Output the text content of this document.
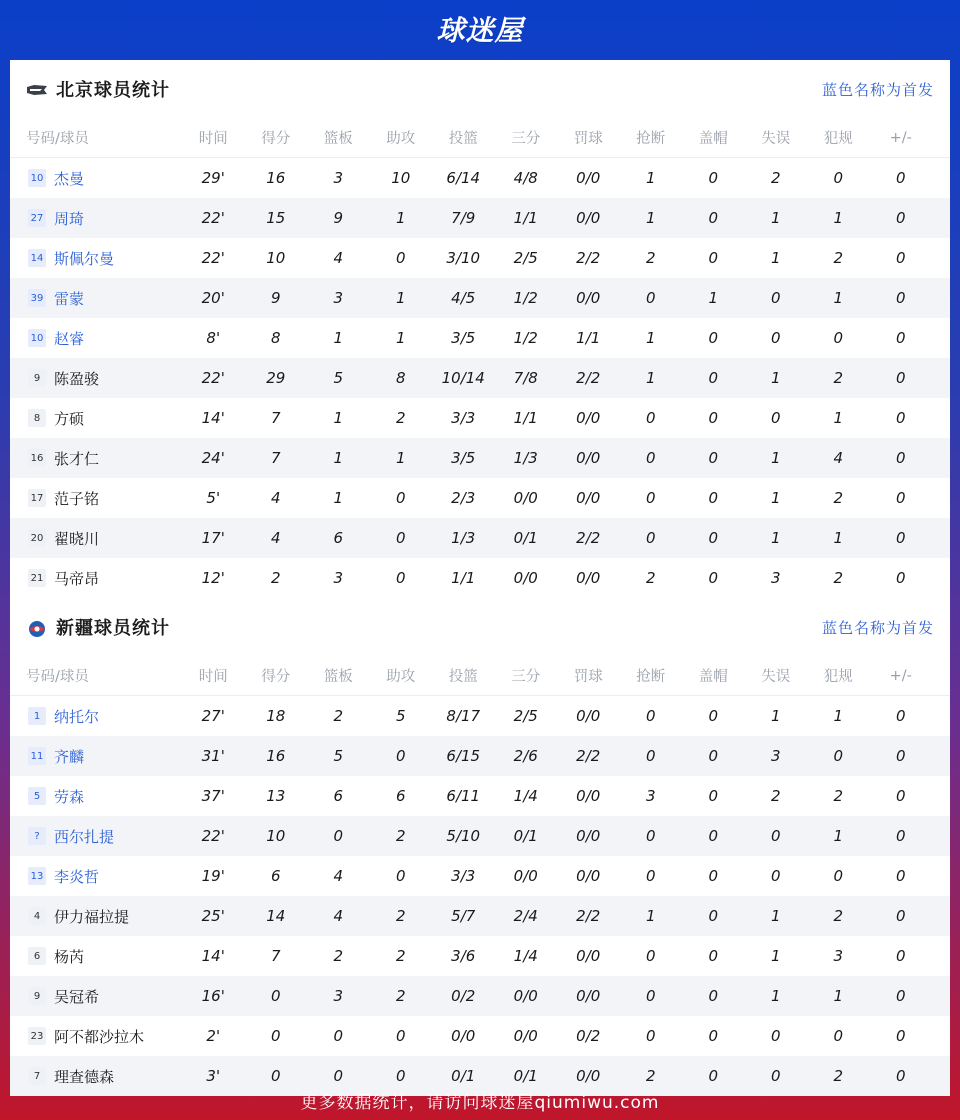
球迷屋
北京球员统计	蓝色名称为首发
号码/球员	时间	得分	篮板	助攻	投篮	三分	罚球	抢断	盖帽	失误	犯规	+/-
10 杰曼	29'	16	3	10	6/14	4/8	0/0	1	0	2	0	0
27 周琦	22'	15	9	1	7/9	1/1	0/0	1	0	1	1	0
14 斯佩尔曼	22'	10	4	0	3/10	2/5	2/2	2	0	1	2	0
39 雷蒙	20'	9	3	1	4/5	1/2	0/0	0	1	0	1	0
10 赵睿	8'	8	1	1	3/5	1/2	1/1	1	0	0	0	0
9 陈盈骏	22'	29	5	8	10/14	7/8	2/2	1	0	1	2	0
8 方硕	14'	7	1	2	3/3	1/1	0/0	0	0	0	1	0
16 张才仁	24'	7	1	1	3/5	1/3	0/0	0	0	1	4	0
17 范子铭	5'	4	1	0	2/3	0/0	0/0	0	0	1	2	0
20 翟晓川	17'	4	6	0	1/3	0/1	2/2	0	0	1	1	0
21 马帝昂	12'	2	3	0	1/1	0/0	0/0	2	0	3	2	0
新疆球员统计	蓝色名称为首发
号码/球员	时间	得分	篮板	助攻	投篮	三分	罚球	抢断	盖帽	失误	犯规	+/-
1 纳托尔	27'	18	2	5	8/17	2/5	0/0	0	0	1	1	0
11 齐麟	31'	16	5	0	6/15	2/6	2/2	0	0	3	0	0
5 劳森	37'	13	6	6	6/11	1/4	0/0	3	0	2	2	0
? 西尔扎提	22'	10	0	2	5/10	0/1	0/0	0	0	0	1	0
13 李炎哲	19'	6	4	0	3/3	0/0	0/0	0	0	0	0	0
4 伊力福拉提	25'	14	4	2	5/7	2/4	2/2	1	0	1	2	0
6 杨芮	14'	7	2	2	3/6	1/4	0/0	0	0	1	3	0
9 吴冠希	16'	0	3	2	0/2	0/0	0/0	0	0	1	1	0
23 阿不都沙拉木	2'	0	0	0	0/0	0/0	0/2	0	0	0	0	0
7 理查德森	3'	0	0	0	0/1	0/1	0/0	2	0	0	2	0
更多数据统计，请访问球迷屋qiumiwu.com
